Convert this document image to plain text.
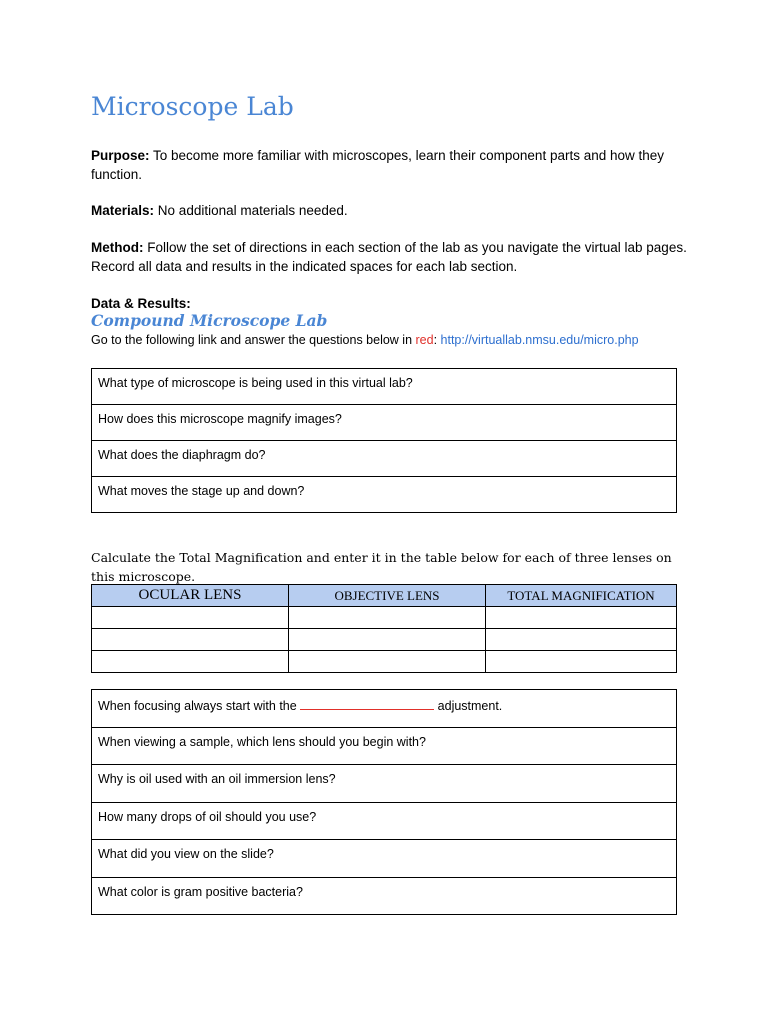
Microscope Lab

Purpose: To become more familiar with microscopes, learn their component parts and how they function.

Materials: No additional materials needed.

Method: Follow the set of directions in each section of the lab as you navigate the virtual lab pages. Record all data and results in the indicated spaces for each lab section.

Data & Results:

Compound Microscope Lab

Go to the following link and answer the questions below in red: http://virtuallab.nmsu.edu/micro.php

What type of microscope is being used in this virtual lab?
How does this microscope magnify images?
What does the diaphragm do?
What moves the stage up and down?

Calculate the Total Magnification and enter it in the table below for each of three lenses on this microscope.

OCULAR LENS	OBJECTIVE LENS	TOTAL MAGNIFICATION

When focusing always start with the	adjustment.
When viewing a sample, which lens should you begin with?
Why is oil used with an oil immersion lens?
How many drops of oil should you use?
What did you view on the slide?
What color is gram positive bacteria?
